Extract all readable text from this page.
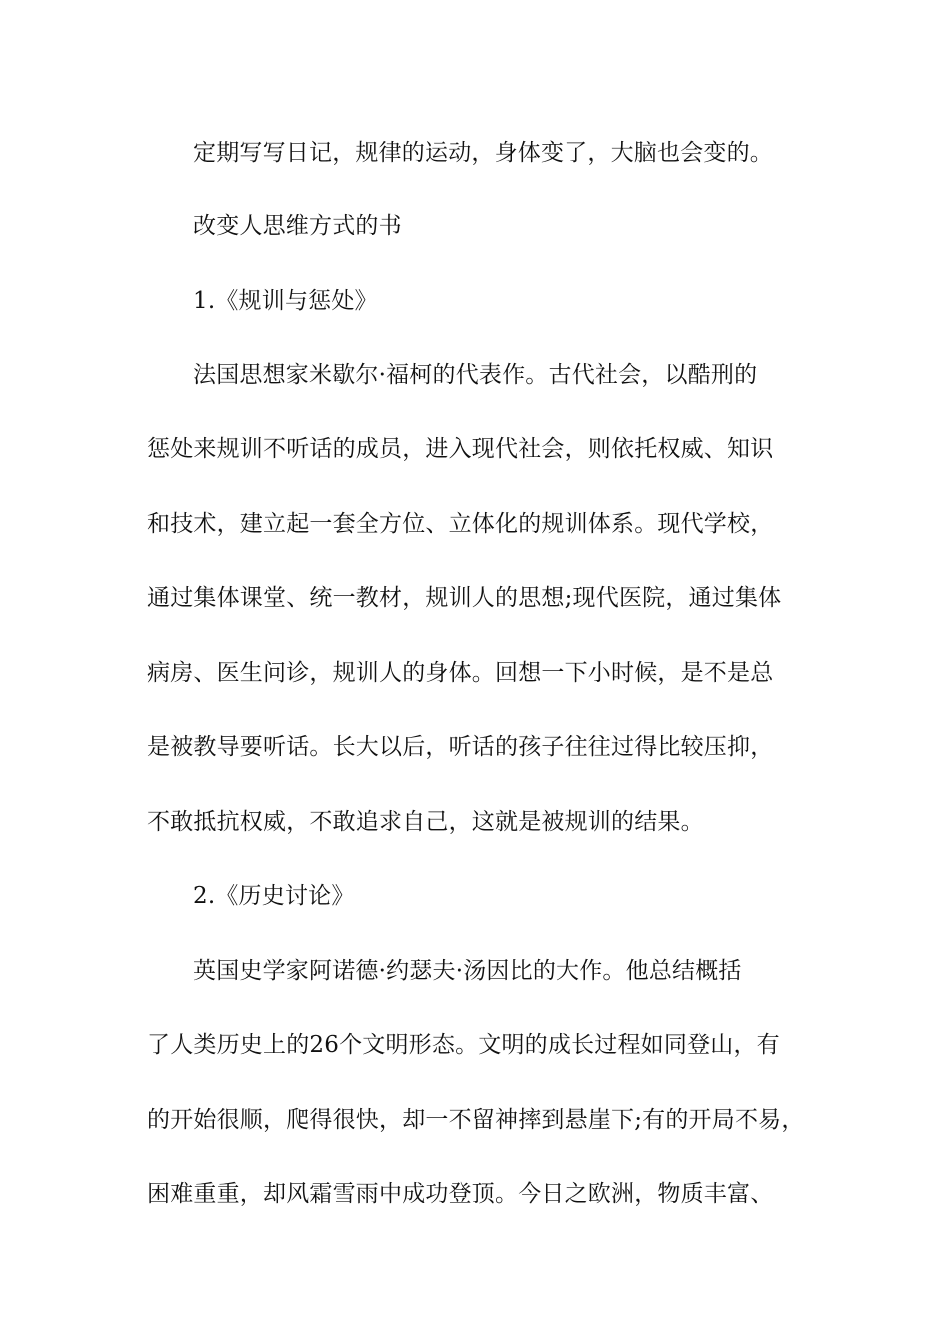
定期写写日记，规律的运动，身体变了，大脑也会变的。
改变人思维方式的书
1.《规训与惩处》
法国思想家米歇尔·福柯的代表作。古代社会，以酷刑的
惩处来规训不听话的成员，进入现代社会，则依托权威、知识
和技术，建立起一套全方位、立体化的规训体系。现代学校，
通过集体课堂、统一教材，规训人的思想;现代医院，通过集体
病房、医生问诊，规训人的身体。回想一下小时候，是不是总
是被教导要听话。长大以后，听话的孩子往往过得比较压抑，
不敢抵抗权威，不敢追求自己，这就是被规训的结果。
2.《历史讨论》
英国史学家阿诺德·约瑟夫·汤因比的大作。他总结概括
了人类历史上的26个文明形态。文明的成长过程如同登山，有
的开始很顺，爬得很快，却一不留神摔到悬崖下;有的开局不易，
困难重重，却风霜雪雨中成功登顶。今日之欧洲，物质丰富、
